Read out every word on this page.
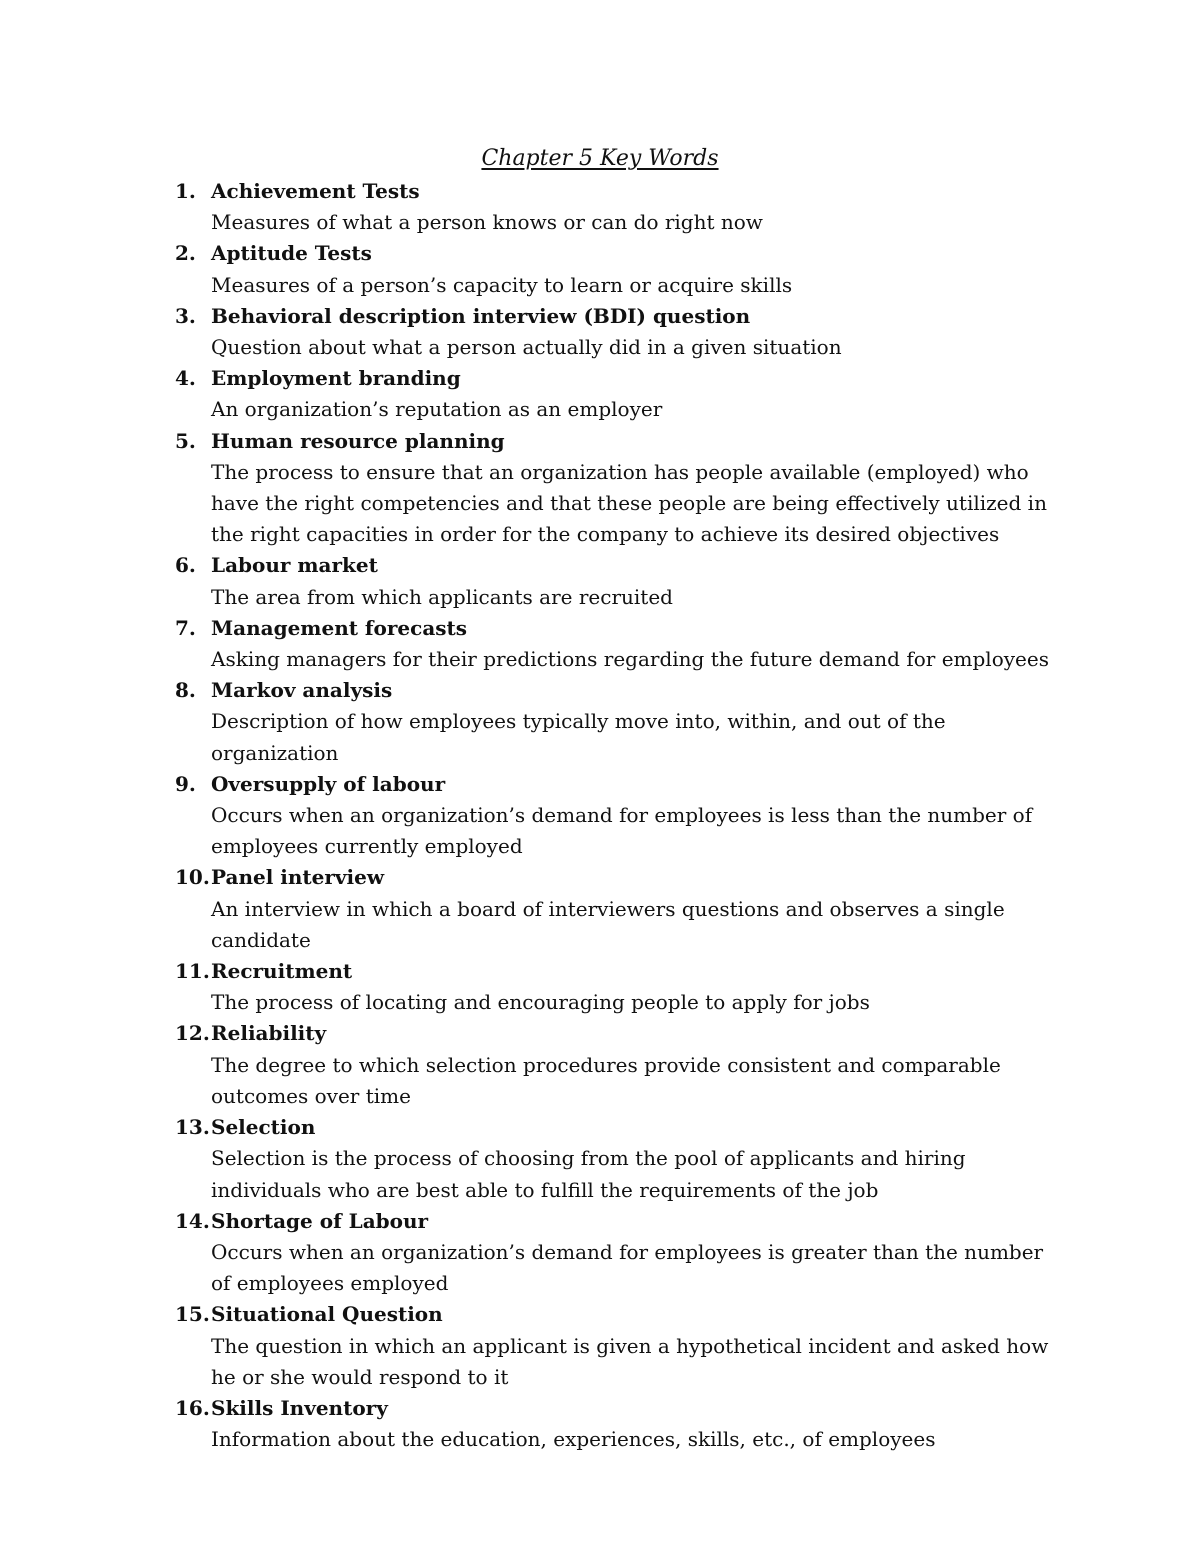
Chapter 5 Key Words
1. Achievement Tests
Measures of what a person knows or can do right now
2. Aptitude Tests
Measures of a person’s capacity to learn or acquire skills
3. Behavioral description interview (BDI) question
Question about what a person actually did in a given situation
4. Employment branding
An organization’s reputation as an employer
5. Human resource planning
The process to ensure that an organization has people available (employed) who have the right competencies and that these people are being effectively utilized in the right capacities in order for the company to achieve its desired objectives
6. Labour market
The area from which applicants are recruited
7. Management forecasts
Asking managers for their predictions regarding the future demand for employees
8. Markov analysis
Description of how employees typically move into, within, and out of the organization
9. Oversupply of labour
Occurs when an organization’s demand for employees is less than the number of employees currently employed
10. Panel interview
An interview in which a board of interviewers questions and observes a single candidate
11. Recruitment
The process of locating and encouraging people to apply for jobs
12. Reliability
The degree to which selection procedures provide consistent and comparable outcomes over time
13. Selection
Selection is the process of choosing from the pool of applicants and hiring individuals who are best able to fulfill the requirements of the job
14. Shortage of Labour
Occurs when an organization’s demand for employees is greater than the number of employees employed
15. Situational Question
The question in which an applicant is given a hypothetical incident and asked how he or she would respond to it
16. Skills Inventory
Information about the education, experiences, skills, etc., of employees
